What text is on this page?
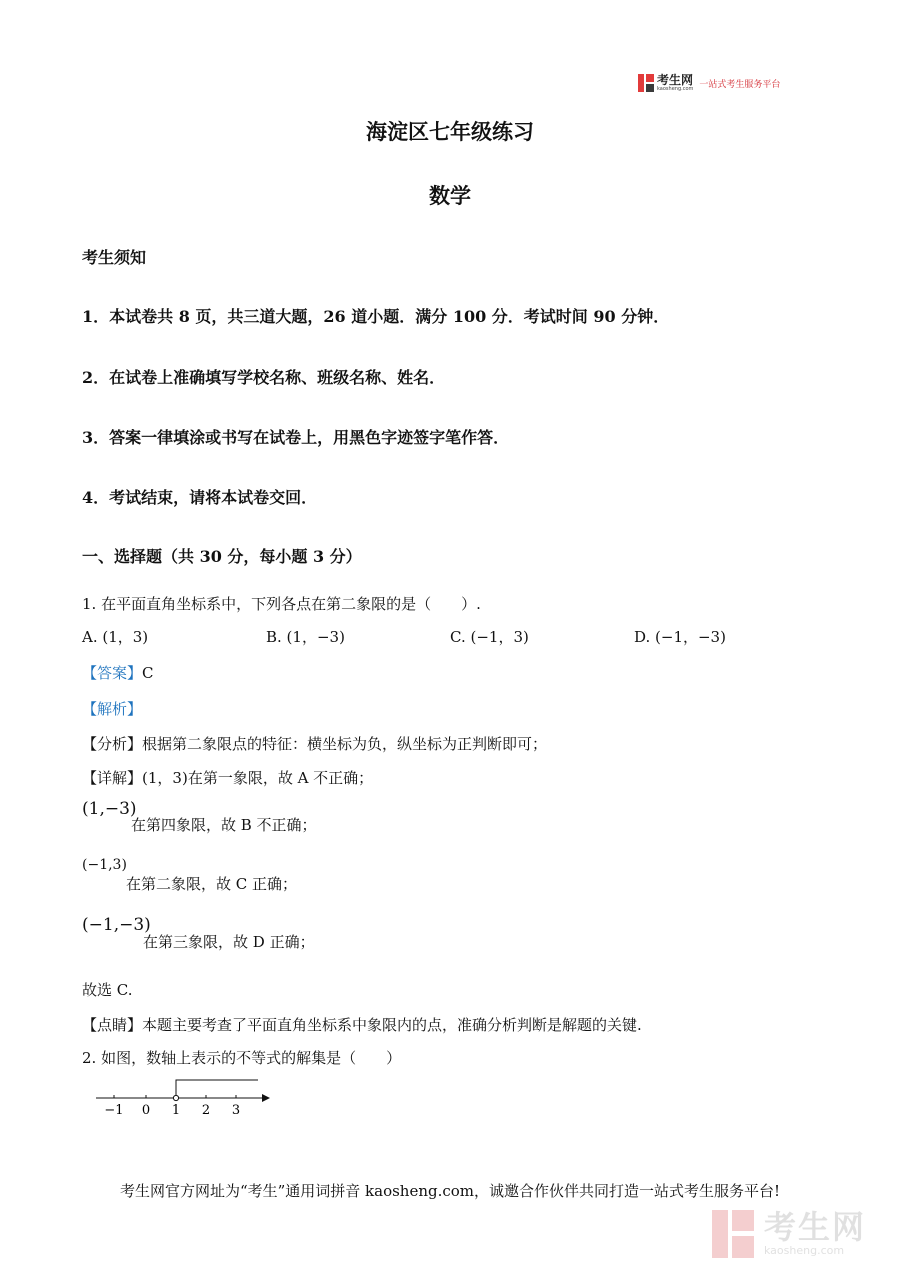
考生网
kaosheng.com 一站式考生服务平台
海淀区七年级练习
数学
考生须知
1．本试卷共 8 页，共三道大题，26 道小题．满分 100 分．考试时间 90 分钟．
2．在试卷上准确填写学校名称、班级名称、姓名．
3．答案一律填涂或书写在试卷上，用黑色字迹签字笔作答．
4．考试结束，请将本试卷交回．
一、选择题（共 30 分，每小题 3 分）
1. 在平面直角坐标系中，下列各点在第二象限的是（　　）.
A. (1，3)	B. (1，−3)	C. (−1，3)	D. (−1，−3)
【答案】C
【解析】
【分析】根据第二象限点的特征：横坐标为负，纵坐标为正判断即可；
【详解】(1，3)在第一象限，故 A 不正确；
(1,−3)
在第四象限，故 B 不正确；
(−1,3)
在第二象限，故 C 正确；
(−1,−3)
在第三象限，故 D 正确；
故选 C.
【点睛】本题主要考查了平面直角坐标系中象限内的点，准确分析判断是解题的关键.
2. 如图，数轴上表示的不等式的解集是（　　）
−1 0 1 2 3
考生网官方网址为“考生”通用词拼音 kaosheng.com，诚邀合作伙伴共同打造一站式考生服务平台!
考生网
kaosheng.com
